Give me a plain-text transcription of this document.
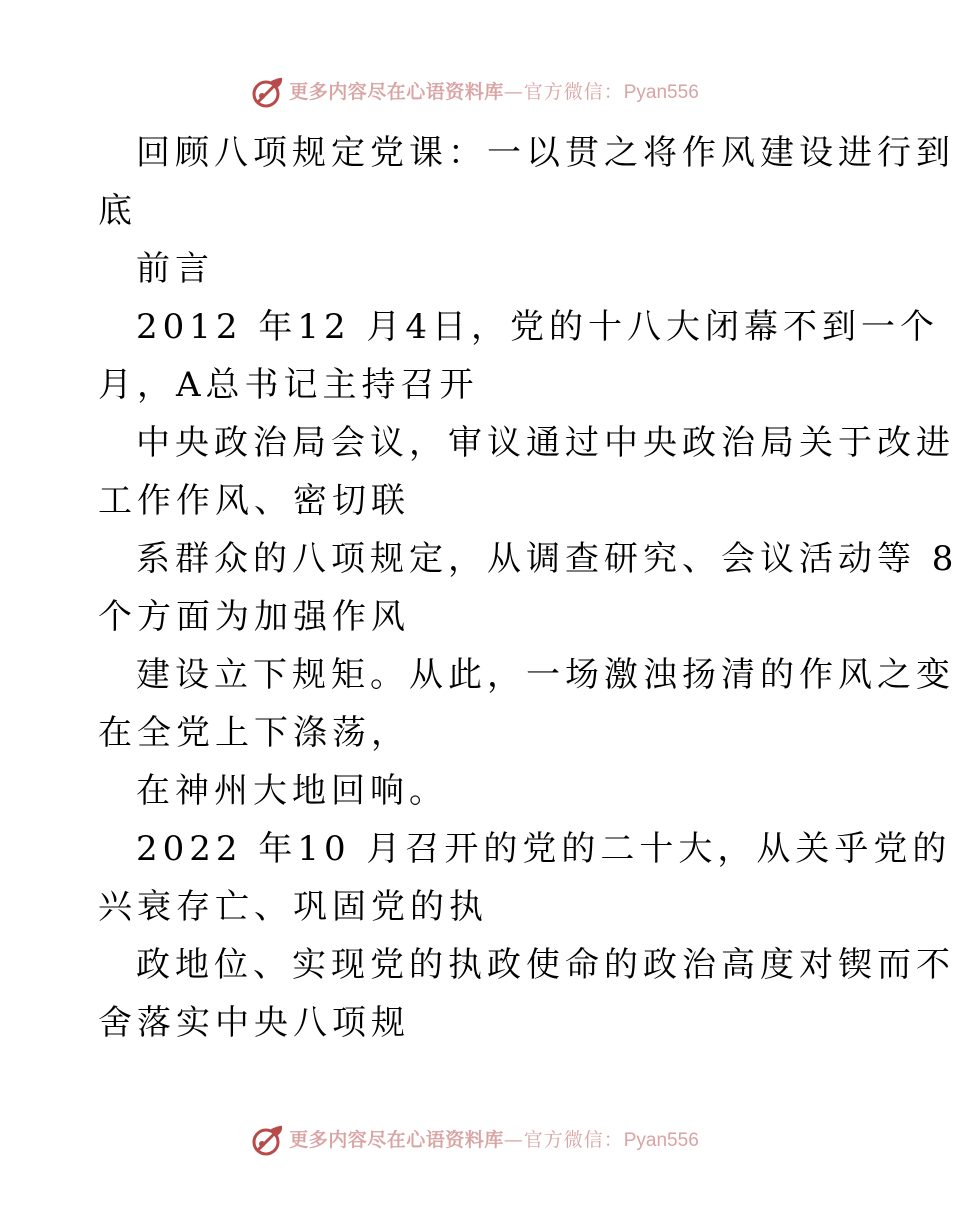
更多内容尽在心语资料库 —官方微信： Pyan556
回顾八项规定党课：一以贯之将作风建设进行到
底
前言
2012 年12 月4日，党的十八大闭幕不到一个
月，A总书记主持召开
中央政治局会议，审议通过中央政治局关于改进
工作作风、密切联
系群众的八项规定，从调查研究、会议活动等 8
个方面为加强作风
建设立下规矩。从此，一场激浊扬清的作风之变
在全党上下涤荡，
在神州大地回响。
2022 年10 月召开的党的二十大，从关乎党的
兴衰存亡、巩固党的执
政地位、实现党的执政使命的政治高度对锲而不
舍落实中央八项规
更多内容尽在心语资料库 —官方微信： Pyan556
